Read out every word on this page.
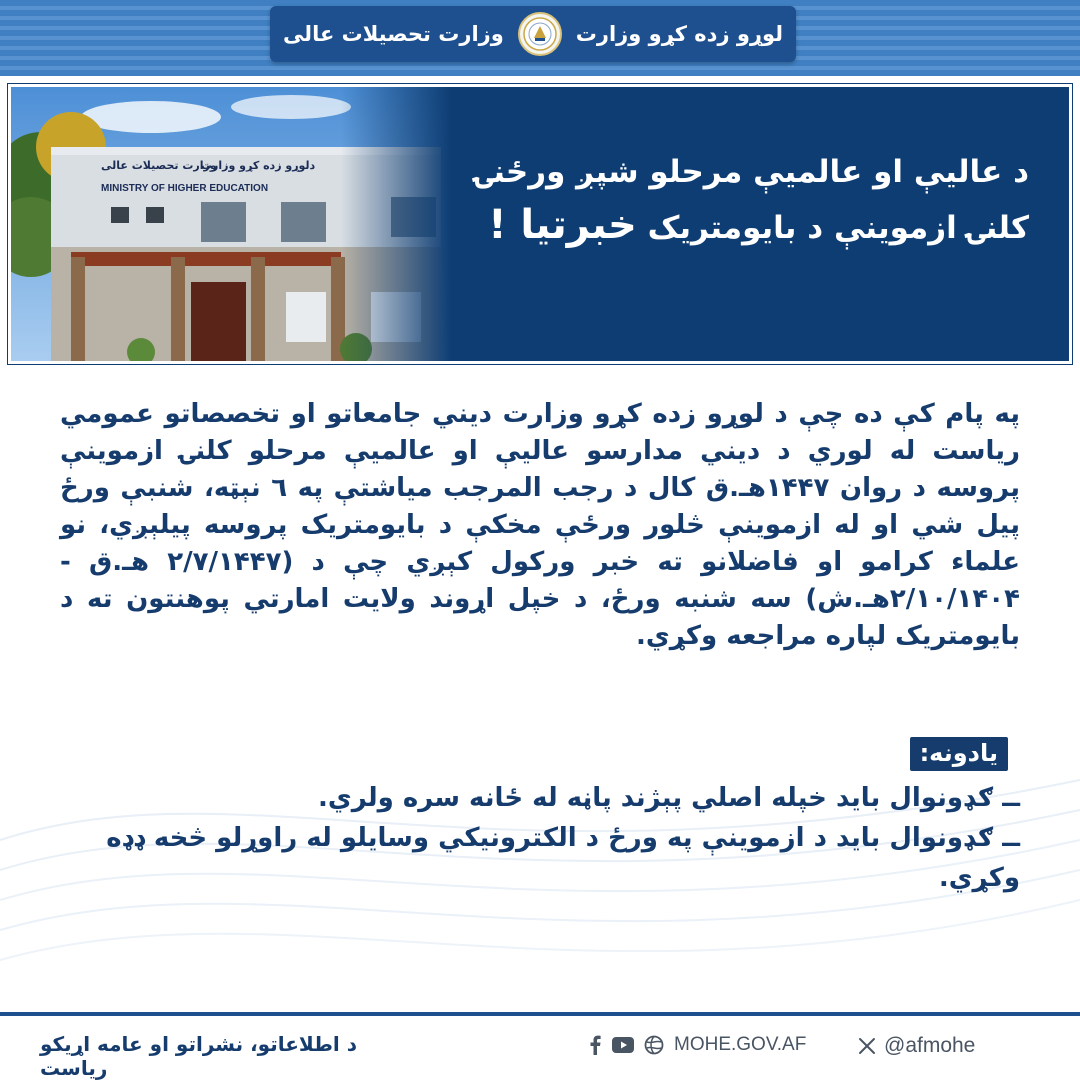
لوړو زده کړو وزارت
وزارت تحصیلات عالی
د عالیې او عالمیې مرحلو شپږ ورځنۍ
کلنۍ ازموینې د بایومتریک خبرتیا !
په پام کې ده چې د لوړو زده کړو وزارت دیني جامعاتو او تخصصاتو عمومي ریاست له لوري د دیني مدارسو عالیې او عالمیې مرحلو کلنۍ ازموینې پروسه د روان ۱۴۴۷هـ.ق کال د رجب المرجب میاشتې په ٦ نېټه، شنبې ورځ پیل شي او له ازموینې څلور ورځې مخکې د بایومتریک پروسه پیلېږي، نو علماء کرامو او فاضلانو ته خبر ورکول کېږي چې د (۲/۷/۱۴۴۷ هـ.ق - ۲/۱۰/۱۴۰۴هـ.ش) سه شنبه ورځ، د خپل اړوند ولایت امارتي پوهنتون ته د بایومتریک لپاره مراجعه وکړي.
یادونه:
ــ ګډونوال باید خپله اصلي پېژند پاڼه له ځانه سره ولري.
ــ ګډونوال باید د ازموینې په ورځ د الکترونیکي وسایلو له راوړلو څخه ډډه وکړي.
@afmohe
MOHE.GOV.AF
د اطلاعاتو، نشراتو او عامه اړیکو ریاست
